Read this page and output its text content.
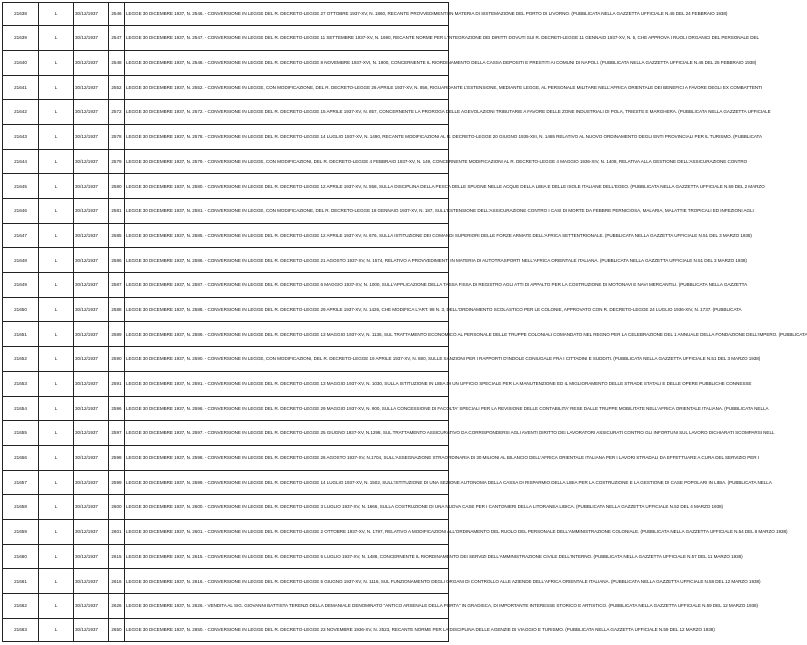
21638	L	30/12/1937	2546	LEGGE 30 DICEMBRE 1937, N. 2546. - CONVERSIONE IN LEGGE DEL R. DECRETO-LEGGE 27 OTTOBRE 1937-XV, N. 1860, RECANTE PROVVEDIMENTI IN MATERIA DI SISTEMAZIONE DEL PORTO DI LIVORNO. (PUBBLICATA NELLA GAZZETTA UFFICIALE N.45 DEL 24 FEBBRAIO 1938)

21639	L	30/12/1937	2547	LEGGE 30 DICEMBRE 1937, N. 2547. - CONVERSIONE IN LEGGE DEL R. DECRETO-LEGGE 11 SETTEMBRE 1937-XV, N. 1690, RECANTE NORME PER L'INTEGRAZIONE DEI DIRITTI DOVUTI SUI R. DECRETI-LEGGE 11 GENNAIO 1937-XV, N. 5, CHE APPROVA I RUOLI ORGANICI DEL PERSONALE DEL

21640	L	30/12/1937	2548	LEGGE 30 DICEMBRE 1937, N. 2548. - CONVERSIONE IN LEGGE DEL R. DECRETO-LEGGE 8 NOVEMBRE 1937-XVI, N. 1900, CONCERNENTE IL RIORDINAMENTO DELLA CASSA DEPOSITI E PRESTITI AI COMUNI DI NAPOLI. (PUBBLICATA NELLA GAZZETTA UFFICIALE N.46 DEL 25 FEBBRAIO 1938)

21641	L	30/12/1937	2552	LEGGE 30 DICEMBRE 1937, N. 2552. - CONVERSIONE IN LEGGE, CON MODIFICAZIONE, DEL R. DECRETO-LEGGE 26 APRILE 1937-XV, N. 856, RIGUARDANTE L'ESTENSIONE, MEDIANTE LEGGE, AL PERSONALE MILITARE NELL'AFRICA ORIENTALE DEI BENEFICI A FAVORE DEGLI EX COMBATTENTI

21642	L	30/12/1937	2572	LEGGE 30 DICEMBRE 1937, N. 2572. - CONVERSIONE IN LEGGE DEL R. DECRETO-LEGGE 15 APRILE 1937-XV, N. 857, CONCERNENTE LA PROROGA DELLE AGEVOLAZIONI TRIBUTARIE A FAVORE DELLE ZONE INDUSTRIALI DI POLA, TRIESTE E MARGHERA. (PUBBLICATA NELLA GAZZETTA UFFICIALE

21643	L	30/12/1937	2578	LEGGE 30 DICEMBRE 1937, N. 2578. - CONVERSIONE IN LEGGE DEL R. DECRETO-LEGGE 14 LUGLIO 1937-XV, N. 1490, RECANTE MODIFICAZIONI AL R. DECRETO-LEGGE 20 GIUGNO 1935-XIII, N. 1465 RELATIVO AL NUOVO ORDINAMENTO DEGLI ENTI PROVINCIALI PER IL TURISMO. (PUBBLICATA

21644	L	30/12/1937	2579	LEGGE 30 DICEMBRE 1937, N. 2579. - CONVERSIONE IN LEGGE, CON MODIFICAZIONI, DEL R. DECRETO-LEGGE 4 FEBBRAIO 1937-XV, N. 149, CONCERNENTE MODIFICAZIONI AL R. DECRETO-LEGGE 4 MAGGIO 1936-XIV, N. 1408, RELATIVA ALLA GESTIONE DELL'ASSICURAZIONE CONTRO

21645	L	30/12/1937	2580	LEGGE 30 DICEMBRE 1937, N. 2580. - CONVERSIONE IN LEGGE DEL R. DECRETO-LEGGE 12 APRILE 1937-XV, N. 558, SULLA DISCIPLINA DELLA PESCA DELLE SPUGNE NELLE ACQUE DELLA LIBIA E DELLE ISOLE ITALIANE DELL'EGEO. (PUBBLICATA NELLA GAZZETTA UFFICIALE N.59 DEL 2 MARZO

21646	L	30/12/1937	2581	LEGGE 30 DICEMBRE 1937, N. 2581. - CONVERSIONE IN LEGGE, CON MODIFICAZIONE, DEL R. DECRETO-LEGGE 18 GENNAIO 1937-XV, N. 187, SULL'ESTENSIONE DELL'ASSICURAZIONE CONTRO I CASI DI MORTE DA FEBBRE PERNICIOSA, MALARIA, MALATTIE TROPICALI ED INFEZIONI AGLI

21647	L	30/12/1937	2585	LEGGE 30 DICEMBRE 1937, N. 2585. - CONVERSIONE IN LEGGE DEL R. DECRETO-LEGGE 12 APRILE 1937-XV, N. 676, SULLA ISTITUZIONE DEI COMANDI SUPERIORI DELLE FORZE ARMATE DELL'AFRICA SETTENTRIONALE. (PUBBLICATA NELLA GAZZETTA UFFICIALE N.51 DEL 3 MARZO 1938)

21648	L	30/12/1937	2586	LEGGE 30 DICEMBRE 1937, N. 2586. - CONVERSIONE IN LEGGE DEL R. DECRETO-LEGGE 21 AGOSTO 1937-XV, N. 1574, RELATIVO A PROVVEDIMENTI IN MATERIA DI AUTOTRASPORTI NELL'AFRICA ORIENTALE ITALIANA. (PUBBLICATA NELLA GAZZETTA UFFICIALE N.51 DEL 3 MARZO 1938)

21649	L	30/12/1937	2587	LEGGE 30 DICEMBRE 1937, N. 2587. - CONVERSIONE IN LEGGE DEL R. DECRETO-LEGGE 6 MAGGIO 1937-XV, N. 1000, SULL'APPLICAZIONE DELLA TASSA FISSA DI REGISTRO AGLI ATTI DI APPALTO PER LA COSTRUZIONE DI MOTONAVI E NAVI MERCANTILI. (PUBBLICATA NELLA GAZZETTA

21650	L	30/12/1937	2588	LEGGE 30 DICEMBRE 1937, N. 2588. - CONVERSIONE IN LEGGE DEL R. DECRETO-LEGGE 29 APRILE 1937-XV, N. 1426, CHE MODIFICA L'ART. 98 N. 3, DELL'ORDINAMENTO SCOLASTICO PER LE COLONIE, APPROVATO CON R. DECRETO-LEGGE 24 LUGLIO 1936-XIV, N. 1737. (PUBBLICATA

21651	L	30/12/1937	2589	LEGGE 30 DICEMBRE 1937, N. 2589. - CONVERSIONE IN LEGGE DEL R. DECRETO-LEGGE 13 MAGGIO 1937-XV, N. 1136, SUL TRATTAMENTO ECONOMICO AL PERSONALE DELLE TRUPPE COLONIALI COMANDATO NEL REGNO PER LA CELEBRAZIONE DEL 1 ANNUALE DELLA FONDAZIONE DELL'IMPERO. (PUBBLICATA

21652	L	30/12/1937	2590	LEGGE 30 DICEMBRE 1937, N. 2590. - CONVERSIONE IN LEGGE, CON MODIFICAZIONI, DEL R. DECRETO-LEGGE 19 APRILE 1937-XV, N. 880, SULLE SANZIONI PER I RAPPORTI D'INDOLE CONIUGALE FRA I CITTADINI E SUDDITI. (PUBBLICATA NELLA GAZZETTA UFFICIALE N.51 DEL 3 MARZO 1938)

21653	L	30/12/1937	2591	LEGGE 30 DICEMBRE 1937, N. 2591. - CONVERSIONE IN LEGGE DEL R. DECRETO-LEGGE 13 MAGGIO 1937-XV, N. 1030, SULLA ISTITUZIONE IN LIBIA DI UN UFFICIO SPECIALE PER LA MANUTENZIONE ED IL MIGLIORAMENTO DELLE STRADE STATALI E DELLE OPERE PUBBLICHE CONNESSE

21654	L	30/12/1937	2596	LEGGE 30 DICEMBRE 1937, N. 2596. - CONVERSIONE IN LEGGE DEL R. DECRETO-LEGGE 29 MAGGIO 1937-XV, N. 900, SULLA CONCESSIONE DI FACOLTA' SPECIALI PER LA REVISIONE DELLE CONTABILITA' RESE DALLE TRUPPE MOBILITATE NELL'AFRICA ORIENTALE ITALIANA. (PUBBLICATA NELLA

21655	L	30/12/1937	2597	LEGGE 30 DICEMBRE 1937, N. 2597. - CONVERSIONE IN LEGGE DEL R. DECRETO-LEGGE 25 GIUGNO 1937-XV, N.1298, SUL TRATTAMENTO ASSICURATIVO DA CORRISPONDERSI AGLI AVENTI DIRITTO DEI LAVORATORI ASSICURATI CONTRO GLI INFORTUNI SUL LAVORO DICHIARATI SCOMPARSI NELL

21656	L	30/12/1937	2598	LEGGE 30 DICEMBRE 1937, N. 2598. - CONVERSIONE IN LEGGE DEL R. DECRETO-LEGGE 26 AGOSTO 1937-XV, N.1704, SULL'ASSEGNAZIONE STRAORDINARIA DI 30 MILIONI AL BILANCIO DELL'AFRICA ORIENTALE ITALIANA PER I LAVORI STRADALI DA EFFETTUARE A CURA DEL SERVIZIO PER I

21657	L	30/12/1937	2599	LEGGE 30 DICEMBRE 1937, N. 2599. - CONVERSIONE IN LEGGE DEL R. DECRETO-LEGGE 14 LUGLIO 1937-XV, N. 1502, SULL'ISTITUZIONE DI UNA SEZIONE AUTONOMA DELLA CASSA DI RISPARMIO DELLA LIBIA PER LA COSTRUZIONE E LA GESTIONE DI CASE POPOLARI IN LIBIA. (PUBBLICATA NELLA

21658	L	30/12/1937	2600	LEGGE 30 DICEMBRE 1937, N. 2600. - CONVERSIONE IN LEGGE DEL R. DECRETO-LEGGE 3 LUGLIO 1937-XV, N. 1666, SULLA COSTRUZIONE DI UNA NUOVA CASE PER I CANTONIERI DELLA LITORANEA LIBICA. (PUBBLICATA NELLA GAZZETTA UFFICIALE N.52 DEL 4 MARZO 1938)

21659	L	30/12/1937	2601	LEGGE 30 DICEMBRE 1937, N. 2601. - CONVERSIONE IN LEGGE DEL R. DECRETO-LEGGE 2 OTTOBRE 1937-XV, N. 1797, RELATIVO A MODIFICAZIONI ALL'ORDINAMENTO DEL RUOLO DEL PERSONALE DELL'AMMINISTRAZIONE COLONIALE. (PUBBLICATA NELLA GAZZETTA UFFICIALE N.54 DEL 8 MARZO 1938)

21660	L	30/12/1937	2615	LEGGE 30 DICEMBRE 1937, N. 2615. - CONVERSIONE IN LEGGE DEL R. DECRETO-LEGGE 5 LUGLIO 1937-XV, N. 1488, CONCERNENTE IL RIORDINAMENTO DEI SERVIZI DELL'AMMINISTRAZIONE CIVILE DELL'INTERNO. (PUBBLICATA NELLA GAZZETTA UFFICIALE N.57 DEL 11 MARZO 1938)

21661	L	30/12/1937	2616	LEGGE 30 DICEMBRE 1937, N. 2616. - CONVERSIONE IN LEGGE DEL R. DECRETO-LEGGE 5 GIUGNO 1937-XV, N. 1116, SUL FUNZIONAMENTO DEGLI ORGANI DI CONTROLLO ALLE AZIENDE DELL'AFRICA ORIENTALE ITALIANA. (PUBBLICATA NELLA GAZZETTA UFFICIALE N.58 DEL 12 MARZO 1938)

21662	L	30/12/1937	2626	LEGGE 30 DICEMBRE 1937, N. 2626. - VENDITA AL SIG. GIOVANNI BATTISTA TERENZI DELLA DEMANIALE DENOMINATO "ANTICO ARSENALE DELLA PORTA" IN GRADISCA, DI IMPORTANTE INTERESSE STORICO E ARTISTICO. (PUBBLICATA NELLA GAZZETTA UFFICIALE N.59 DEL 12 MARZO 1938)

21663	L	30/12/1937	2650	LEGGE 30 DICEMBRE 1937, N. 2650. - CONVERSIONE IN LEGGE DEL R. DECRETO-LEGGE 23 NOVEMBRE 1936-XV, N. 2523, RECANTE NORME PER LA DISCIPLINA DELLE AGENZIE DI VIAGGIO E TURISMO. (PUBBLICATA NELLA GAZZETTA UFFICIALE N.59 DEL 12 MARZO 1938)
